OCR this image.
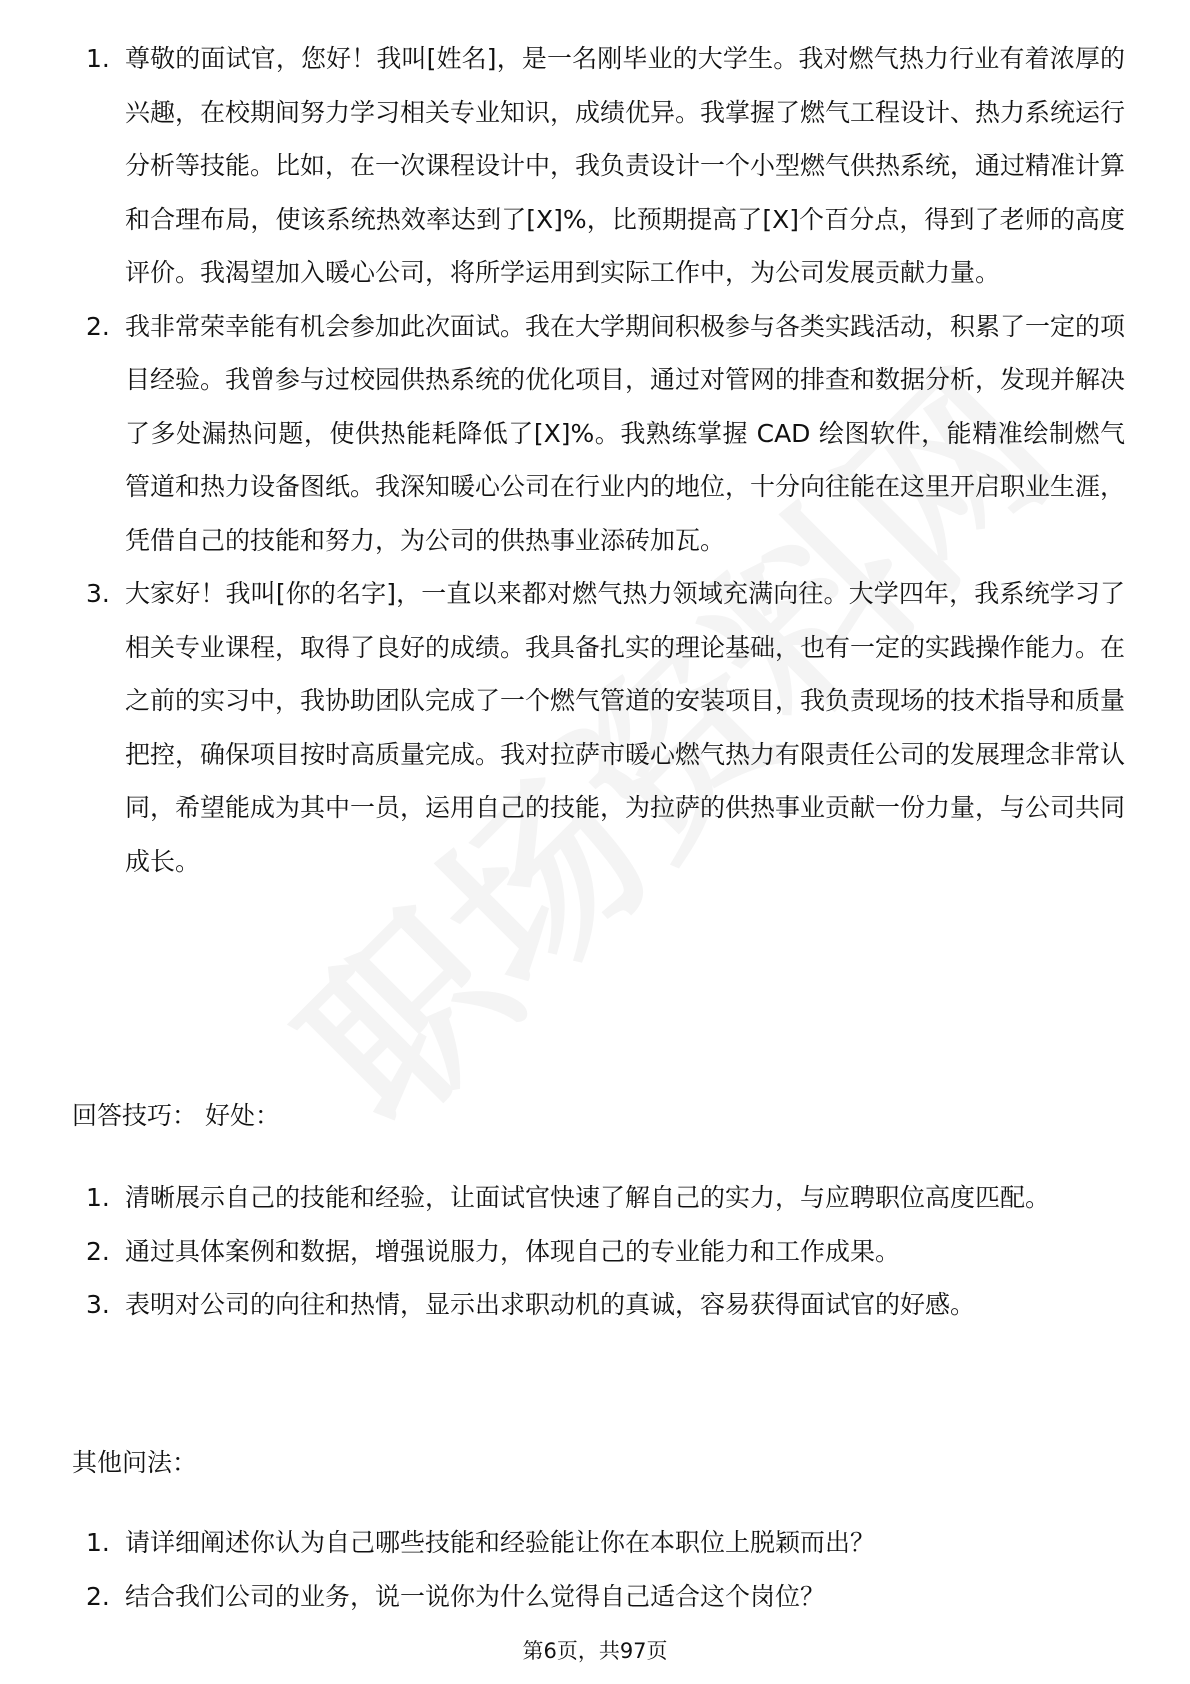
1. 尊敬的面试官，您好！我叫[姓名]，是一名刚毕业的大学生。我对燃气热力行业有着浓厚的兴趣，在校期间努力学习相关专业知识，成绩优异。我掌握了燃气工程设计、热力系统运行分析等技能。比如，在一次课程设计中，我负责设计一个小型燃气供热系统，通过精准计算和合理布局，使该系统热效率达到了[X]%，比预期提高了[X]个百分点，得到了老师的高度评价。我渴望加入暖心公司，将所学运用到实际工作中，为公司发展贡献力量。
2. 我非常荣幸能有机会参加此次面试。我在大学期间积极参与各类实践活动，积累了一定的项目经验。我曾参与过校园供热系统的优化项目，通过对管网的排查和数据分析，发现并解决了多处漏热问题，使供热能耗降低了[X]%。我熟练掌握 CAD 绘图软件，能精准绘制燃气管道和热力设备图纸。我深知暖心公司在行业内的地位，十分向往能在这里开启职业生涯，凭借自己的技能和努力，为公司的供热事业添砖加瓦。
3. 大家好！我叫[你的名字]，一直以来都对燃气热力领域充满向往。大学四年，我系统学习了相关专业课程，取得了良好的成绩。我具备扎实的理论基础，也有一定的实践操作能力。在之前的实习中，我协助团队完成了一个燃气管道的安装项目，我负责现场的技术指导和质量把控，确保项目按时高质量完成。我对拉萨市暖心燃气热力有限责任公司的发展理念非常认同，希望能成为其中一员，运用自己的技能，为拉萨的供热事业贡献一份力量，与公司共同成长。
回答技巧： 好处：
1. 清晰展示自己的技能和经验，让面试官快速了解自己的实力，与应聘职位高度匹配。
2. 通过具体案例和数据，增强说服力，体现自己的专业能力和工作成果。
3. 表明对公司的向往和热情，显示出求职动机的真诚，容易获得面试官的好感。
其他问法：
1. 请详细阐述你认为自己哪些技能和经验能让你在本职位上脱颖而出？
2. 结合我们公司的业务，说一说你为什么觉得自己适合这个岗位？
第6页，共97页
